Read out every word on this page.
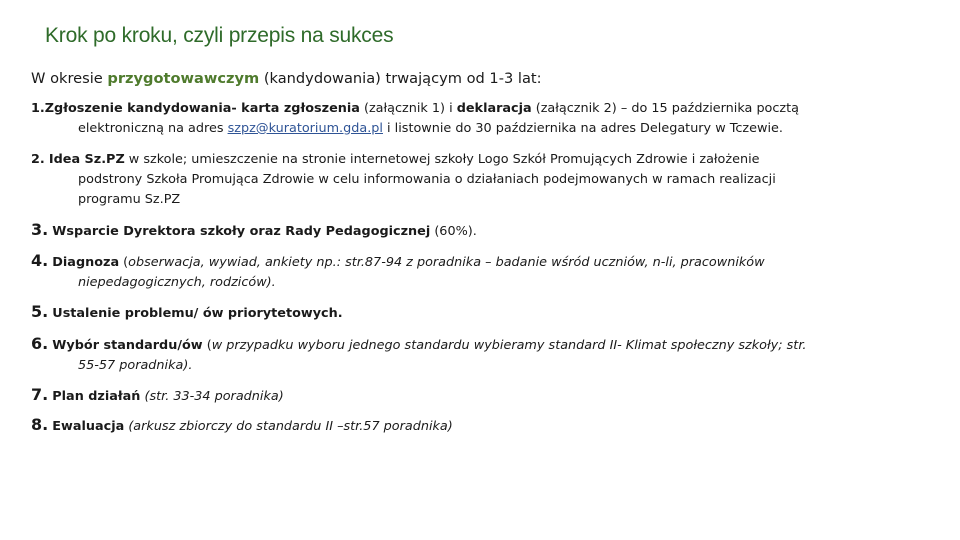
Krok po kroku, czyli przepis na sukces
W okresie przygotowawczym (kandydowania) trwającym od 1-3 lat:
1.Zgłoszenie kandydowania- karta zgłoszenia (załącznik 1) i deklaracja (załącznik 2) – do 15 października pocztą
elektroniczną na adres szpz@kuratorium.gda.pl i listownie do 30 października na adres Delegatury w Tczewie.
2. Idea Sz.PZ w szkole; umieszczenie na stronie internetowej szkoły Logo Szkół Promujących Zdrowie i założenie
podstrony Szkoła Promująca Zdrowie w celu informowania o działaniach podejmowanych w ramach realizacji
programu Sz.PZ
3. Wsparcie Dyrektora szkoły oraz Rady Pedagogicznej (60%).
4. Diagnoza (obserwacja, wywiad, ankiety np.: str.87-94 z poradnika – badanie wśród uczniów, n-li, pracowników
niepedagogicznych, rodziców).
5. Ustalenie problemu/ ów priorytetowych.
6. Wybór standardu/ów (w przypadku wyboru jednego standardu wybieramy standard II- Klimat społeczny szkoły; str.
55-57 poradnika).
7. Plan działań (str. 33-34 poradnika)
8. Ewaluacja (arkusz zbiorczy do standardu II –str.57 poradnika)
